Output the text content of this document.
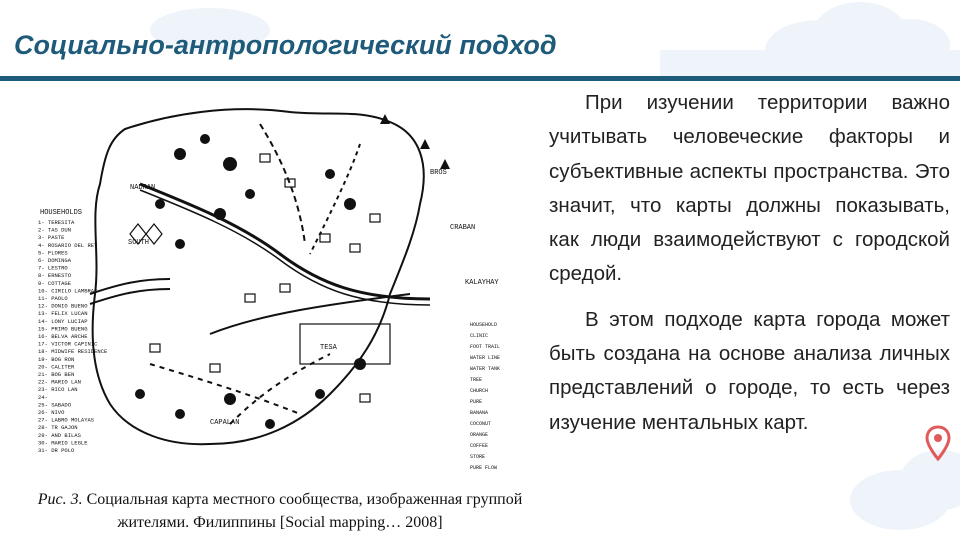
Социально-антропологический подход
NADRAN
CRABAN
SOUTH
CAPALAN
TESA
HOUSEHOLDS
KALAYHAY
BROS
1- TERESITA
2- TAS DUN
3- PASTE
4- ROSARIO DEL REY
5- FLORES
6- DOMINGA
7- LESTRO
8- ERNESTO
9- COTTAGE
10- CIRILO LAMBRAS
11- PAOLO
12- DONIO BUENO
13- FELIX LUCAN
14- LONY LUCIAP
15- PRIMO BUENG
16- BELVA ARCHE
17- VICTOR CAPINIC
18- MIDWIFE RESIDENCE
19- BOG RON
20- CALITER
21- BOG BEN
22- MARIO LAN
23- RICO LAN
24-
25- SABADO
26- NIVO
27- LABRO MOLAYAS
28- TR GAJON
29- AND BILAS
30- MARIO LEGLE
31- DR POLO
HOUSEHOLD
CLINIC
FOOT TRAIL
WATER LINE
WATER TANK
TREE
CHURCH
PURE
BANANA
COCONUT
ORANGE
COFFEE
STORE
PURE FLOW
Рис. 3. Социальная карта местного сообщества, изображенная группой жителями. Филиппины [Social mapping… 2008]

При изучении территории важно учитывать человеческие факторы и субъективные аспекты пространства. Это значит, что карты должны показывать, как люди взаимодействуют с городской средой.

В этом подходе карта города может быть создана на основе анализа личных представлений о городе, то есть через изучение ментальных карт.
